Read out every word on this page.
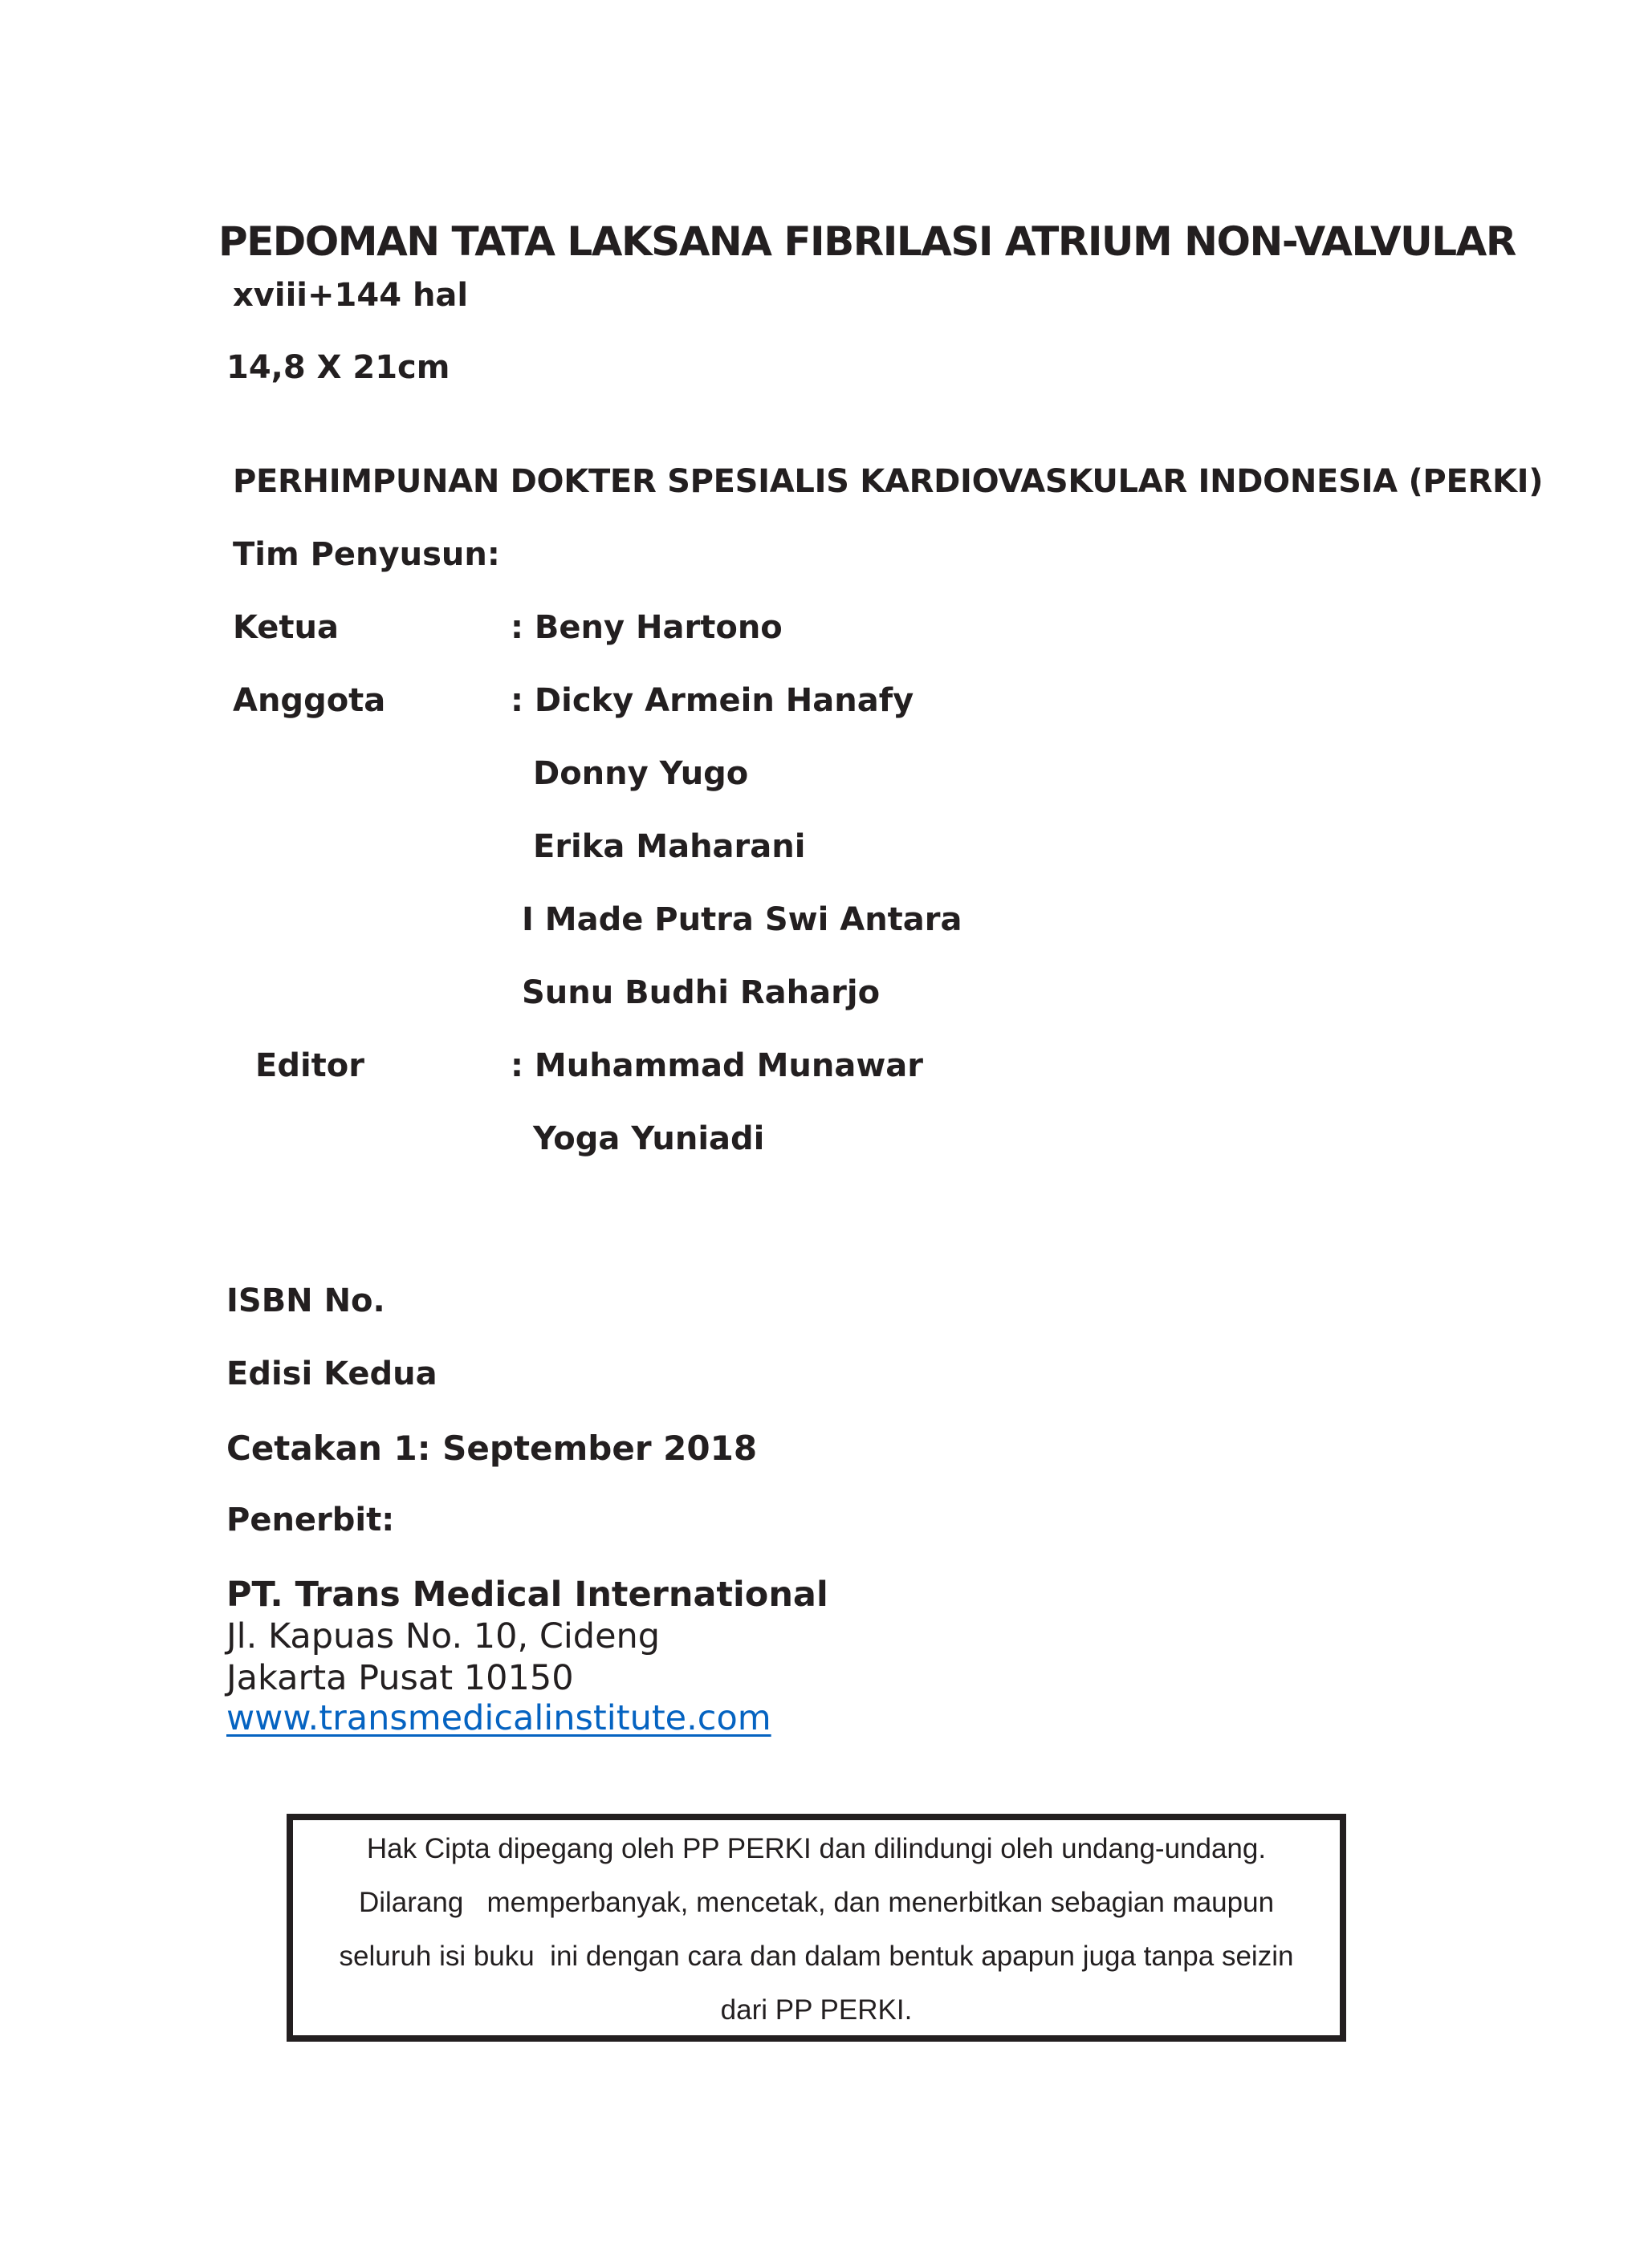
PEDOMAN TATA LAKSANA FIBRILASI ATRIUM NON-VALVULAR
xviii+144 hal
14,8 X 21cm
PERHIMPUNAN DOKTER SPESIALIS KARDIOVASKULAR INDONESIA (PERKI)
Tim Penyusun:
Ketua	: Beny Hartono
Anggota	: Dicky Armein Hanafy
Donny Yugo
Erika Maharani
I Made Putra Swi Antara
Sunu Budhi Raharjo
Editor	: Muhammad Munawar
Yoga Yuniadi
ISBN No.
Edisi Kedua
Cetakan 1: September 2018
Penerbit:
PT. Trans Medical International
Jl. Kapuas No. 10, Cideng
Jakarta Pusat 10150
www.transmedicalinstitute.com
Hak Cipta dipegang oleh PP PERKI dan dilindungi oleh undang-undang.
Dilarang   memperbanyak, mencetak, dan menerbitkan sebagian maupun
seluruh isi buku  ini dengan cara dan dalam bentuk apapun juga tanpa seizin
dari PP PERKI.
